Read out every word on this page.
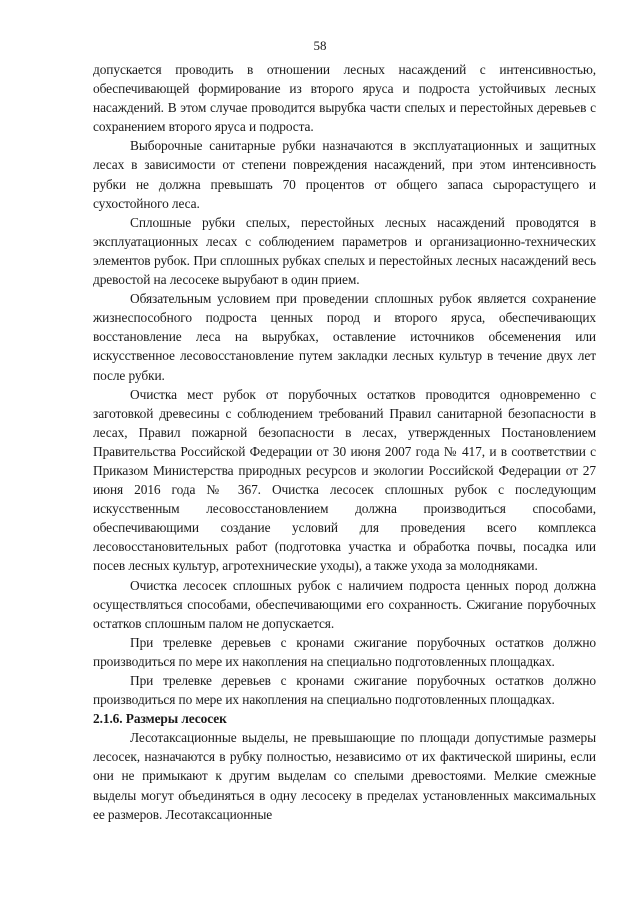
58

допускается проводить в отношении лесных насаждений с интенсивностью, обеспечивающей формирование из второго яруса и подроста устойчивых лесных насаждений. В этом случае проводится вырубка части спелых и перестойных деревьев с сохранением второго яруса и подроста.

Выборочные санитарные рубки назначаются в эксплуатационных и защитных лесах в зависимости от степени повреждения насаждений, при этом интенсивность рубки не должна превышать 70 процентов от общего запаса сырорастущего и сухостойного леса.

Сплошные рубки спелых, перестойных лесных насаждений проводятся в эксплуатационных лесах с соблюдением параметров и организационно-технических элементов рубок. При сплошных рубках спелых и перестойных лесных насаждений весь древостой на лесосеке вырубают в один прием.

Обязательным условием при проведении сплошных рубок является сохранение жизнеспособного подроста ценных пород и второго яруса, обеспечивающих восстановление леса на вырубках, оставление источников обсеменения или искусственное лесовосстановление путем закладки лесных культур в течение двух лет после рубки.

Очистка мест рубок от порубочных остатков проводится одновременно с заготовкой древесины с соблюдением требований Правил санитарной безопасности в лесах, Правил пожарной безопасности в лесах, утвержденных Постановлением Правительства Российской Федерации от 30 июня 2007 года № 417, и в соответствии с Приказом Министерства природных ресурсов и экологии Российской Федерации от 27 июня 2016 года № 367. Очистка лесосек сплошных рубок с последующим искусственным лесовосстановлением должна производиться способами, обеспечивающими создание условий для проведения всего комплекса лесовосстановительных работ (подготовка участка и обработка почвы, посадка или посев лесных культур, агротехнические уходы), а также ухода за молодняками.

Очистка лесосек сплошных рубок с наличием подроста ценных пород должна осуществляться способами, обеспечивающими его сохранность. Сжигание порубочных остатков сплошным палом не допускается.

При трелевке деревьев с кронами сжигание порубочных остатков должно производиться по мере их накопления на специально подготовленных площадках.

При трелевке деревьев с кронами сжигание порубочных остатков должно производиться по мере их накопления на специально подготовленных площадках.

2.1.6. Размеры лесосек

Лесотаксационные выделы, не превышающие по площади допустимые размеры лесосек, назначаются в рубку полностью, независимо от их фактической ширины, если они не примыкают к другим выделам со спелыми древостоями. Мелкие смежные выделы могут объединяться в одну лесосеку в пределах установленных максимальных ее размеров. Лесотаксационные
